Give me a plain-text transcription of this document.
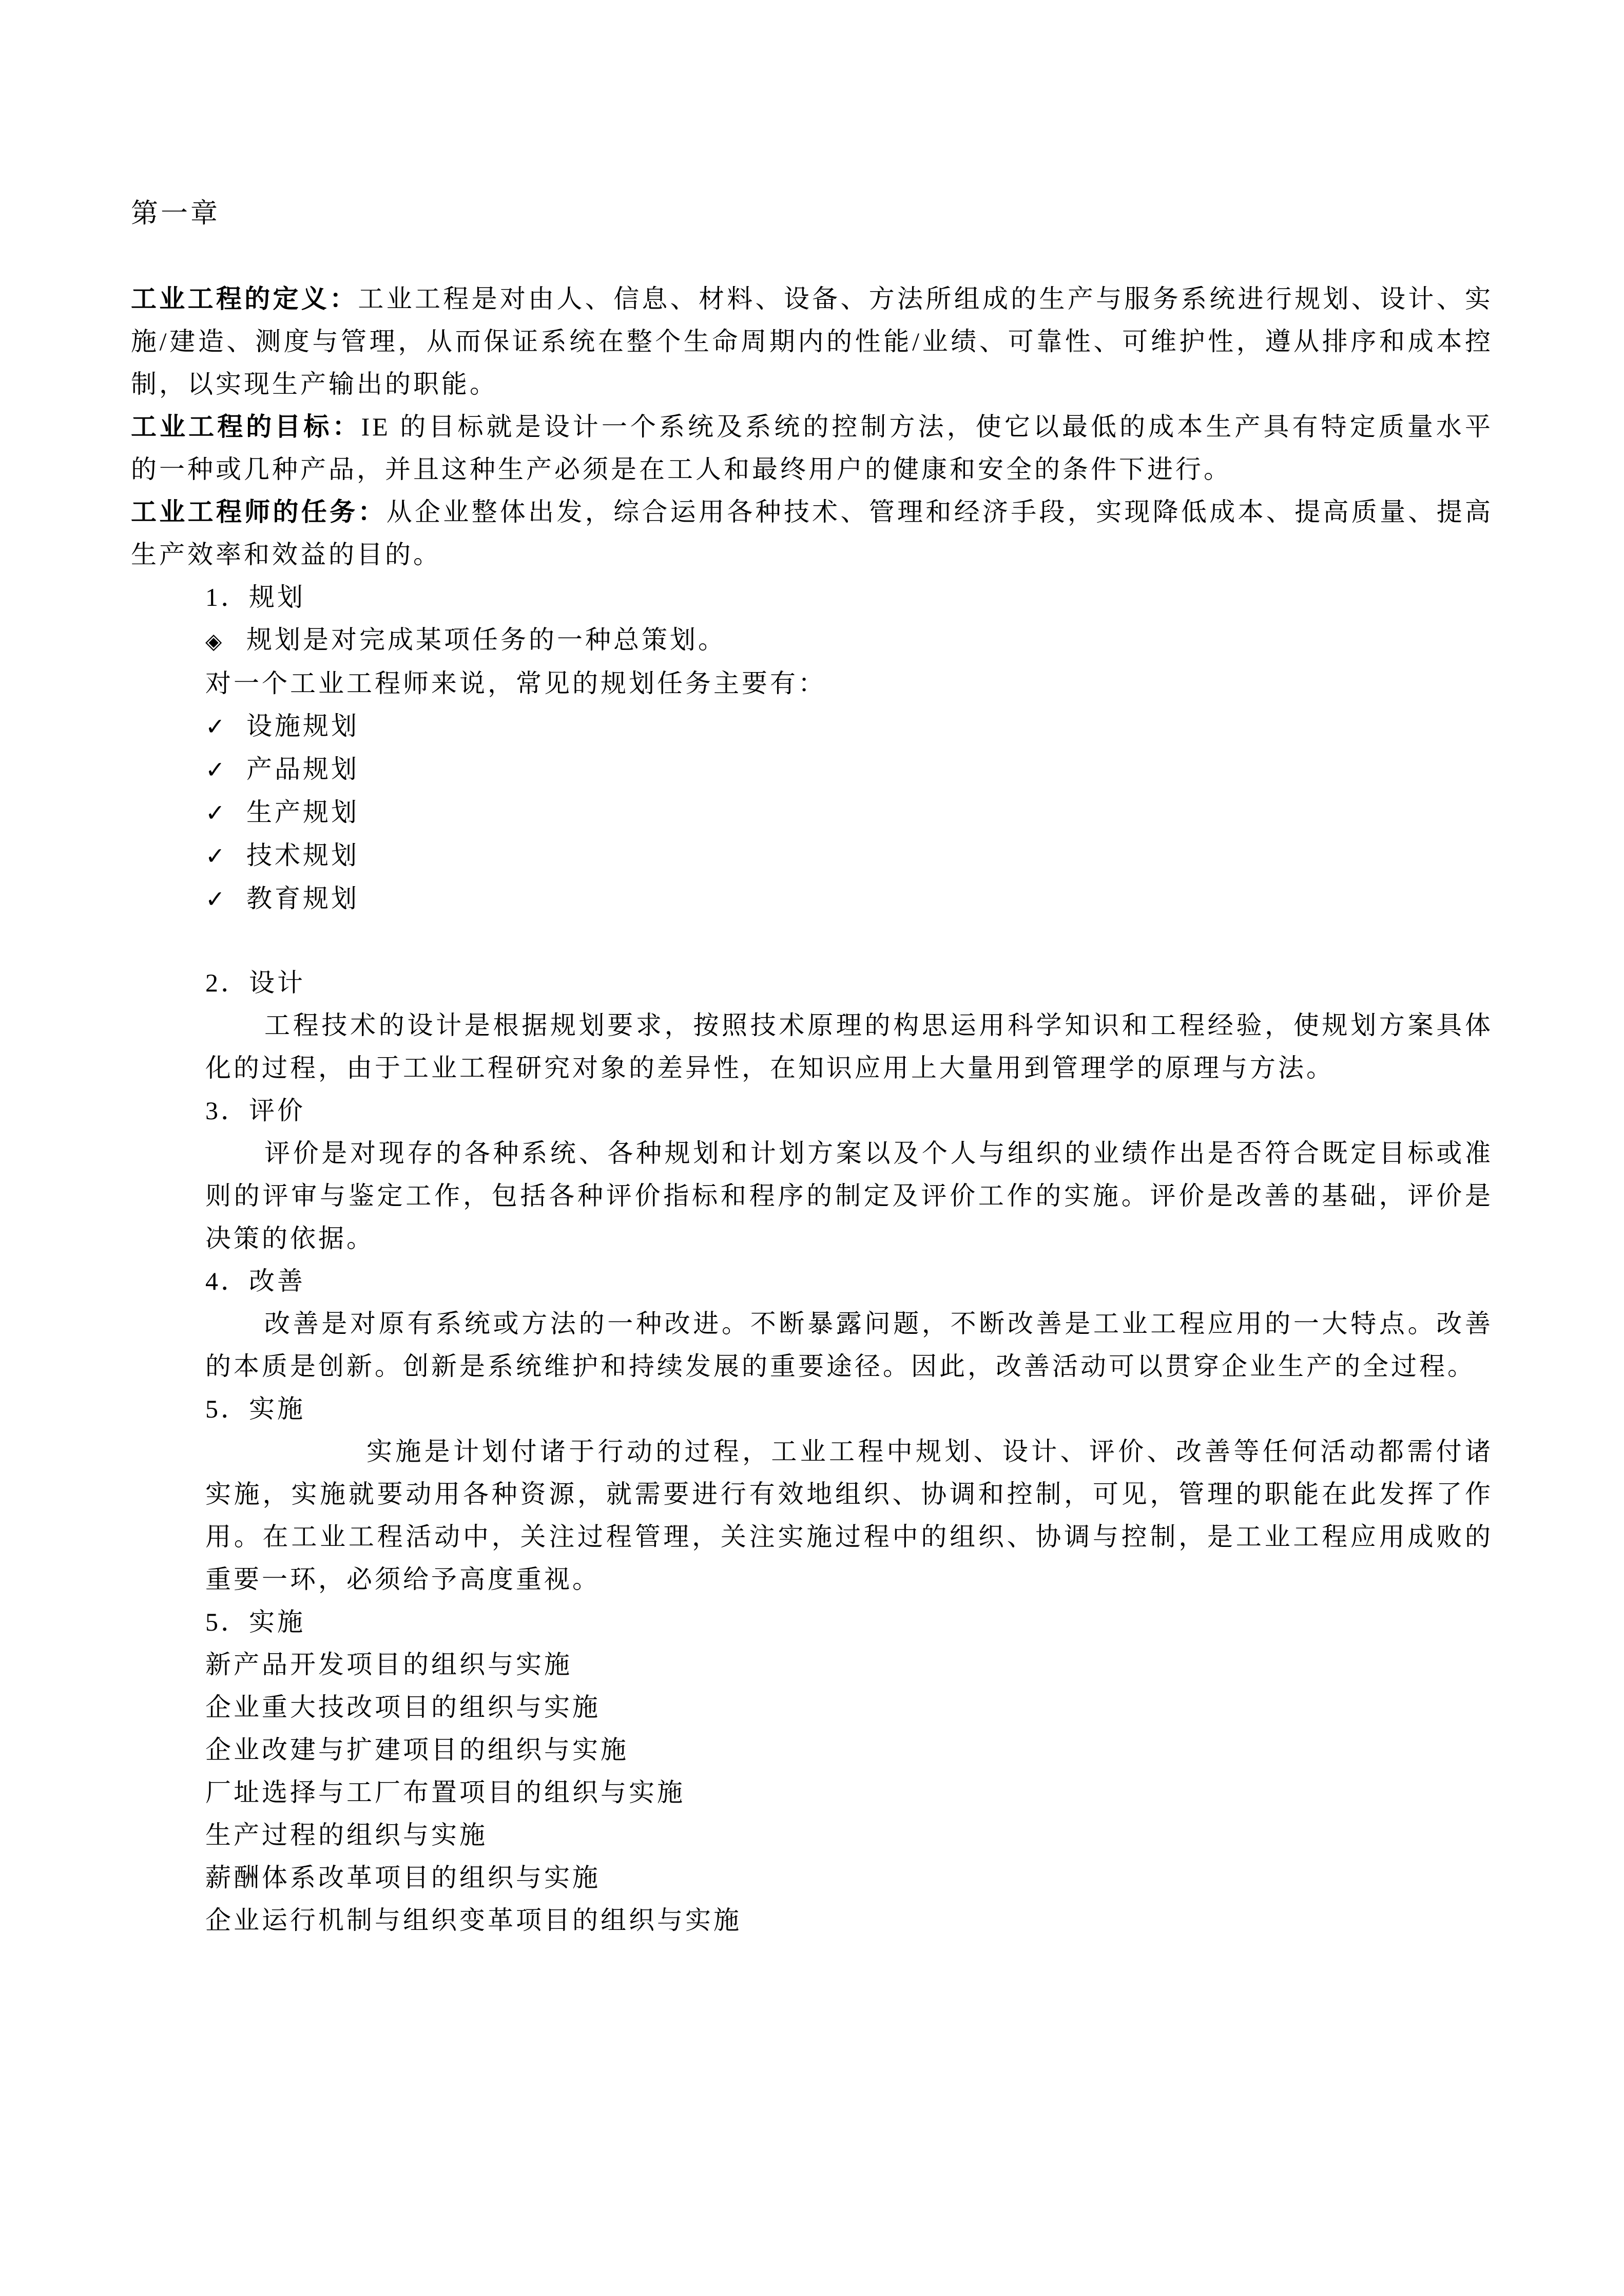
第一章

工业工程的定义：工业工程是对由人、信息、材料、设备、方法所组成的生产与服务系统进行规划、设计、实施/建造、测度与管理，从而保证系统在整个生命周期内的性能/业绩、可靠性、可维护性，遵从排序和成本控制，以实现生产输出的职能。

工业工程的目标：IE 的目标就是设计一个系统及系统的控制方法，使它以最低的成本生产具有特定质量水平的一种或几种产品，并且这种生产必须是在工人和最终用户的健康和安全的条件下进行。

工业工程师的任务：从企业整体出发，综合运用各种技术、管理和经济手段，实现降低成本、提高质量、提高生产效率和效益的目的。

1．规划
◈ 规划是对完成某项任务的一种总策划。
对一个工业工程师来说，常见的规划任务主要有：
✓ 设施规划
✓ 产品规划
✓ 生产规划
✓ 技术规划
✓ 教育规划
2．设计

工程技术的设计是根据规划要求，按照技术原理的构思运用科学知识和工程经验，使规划方案具体化的过程，由于工业工程研究对象的差异性，在知识应用上大量用到管理学的原理与方法。

3．评价

评价是对现存的各种系统、各种规划和计划方案以及个人与组织的业绩作出是否符合既定目标或准则的评审与鉴定工作，包括各种评价指标和程序的制定及评价工作的实施。评价是改善的基础，评价是决策的依据。

4．改善

改善是对原有系统或方法的一种改进。不断暴露问题，不断改善是工业工程应用的一大特点。改善的本质是创新。创新是系统维护和持续发展的重要途径。因此，改善活动可以贯穿企业生产的全过程。

5．实施

实施是计划付诸于行动的过程，工业工程中规划、设计、评价、改善等任何活动都需付诸实施，实施就要动用各种资源，就需要进行有效地组织、协调和控制，可见，管理的职能在此发挥了作用。在工业工程活动中，关注过程管理，关注实施过程中的组织、协调与控制，是工业工程应用成败的重要一环，必须给予高度重视。

5．实施
新产品开发项目的组织与实施
企业重大技改项目的组织与实施
企业改建与扩建项目的组织与实施
厂址选择与工厂布置项目的组织与实施
生产过程的组织与实施
薪酬体系改革项目的组织与实施
企业运行机制与组织变革项目的组织与实施
